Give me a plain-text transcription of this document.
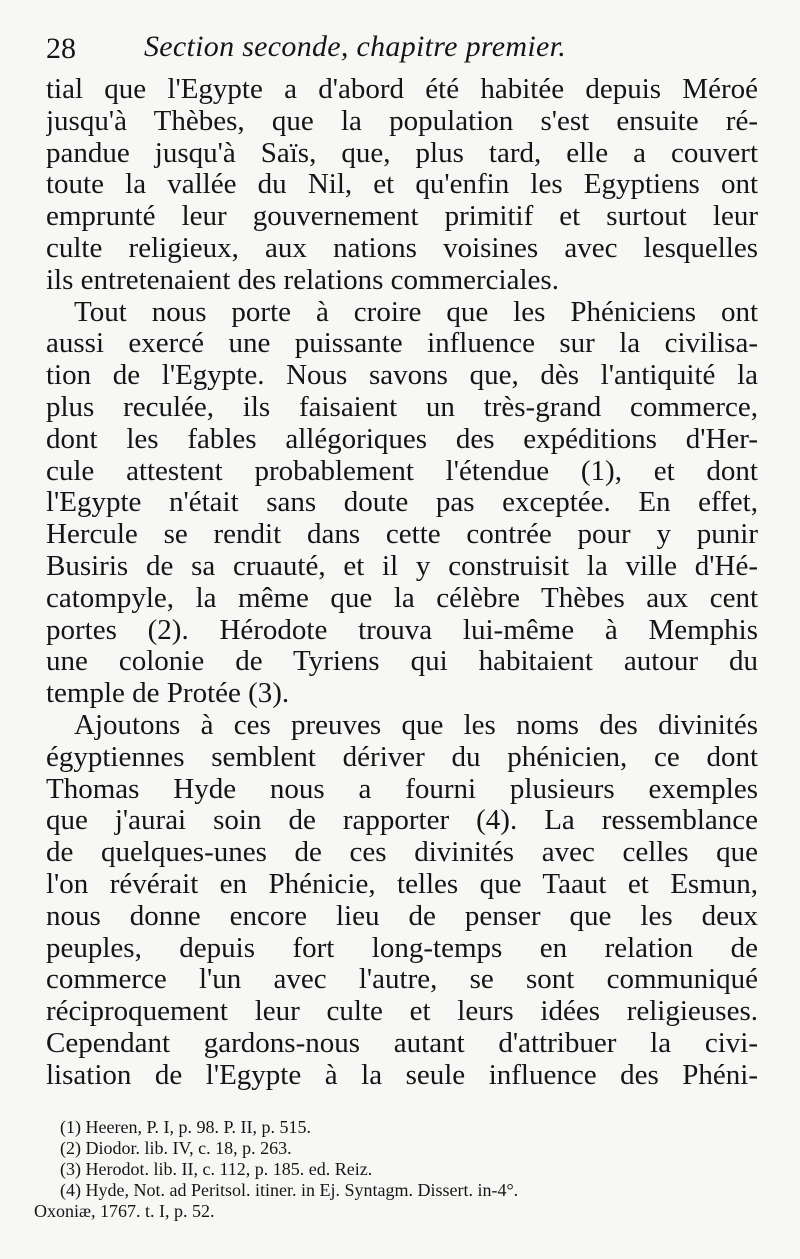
28 Section seconde, chapitre premier.
tial que l'Egypte a d'abord été habitée depuis Méroé
jusqu'à Thèbes, que la population s'est ensuite ré-
pandue jusqu'à Saïs, que, plus tard, elle a couvert
toute la vallée du Nil, et qu'enfin les Egyptiens ont
emprunté leur gouvernement primitif et surtout leur
culte religieux, aux nations voisines avec lesquelles
ils entretenaient des relations commerciales.
Tout nous porte à croire que les Phéniciens ont
aussi exercé une puissante influence sur la civilisa-
tion de l'Egypte. Nous savons que, dès l'antiquité la
plus reculée, ils faisaient un très-grand commerce,
dont les fables allégoriques des expéditions d'Her-
cule attestent probablement l'étendue (1), et dont
l'Egypte n'était sans doute pas exceptée. En effet,
Hercule se rendit dans cette contrée pour y punir
Busiris de sa cruauté, et il y construisit la ville d'Hé-
catompyle, la même que la célèbre Thèbes aux cent
portes (2). Hérodote trouva lui-même à Memphis
une colonie de Tyriens qui habitaient autour du
temple de Protée (3).
Ajoutons à ces preuves que les noms des divinités
égyptiennes semblent dériver du phénicien, ce dont
Thomas Hyde nous a fourni plusieurs exemples
que j'aurai soin de rapporter (4). La ressemblance
de quelques-unes de ces divinités avec celles que
l'on révérait en Phénicie, telles que Taaut et Esmun,
nous donne encore lieu de penser que les deux
peuples, depuis fort long-temps en relation de
commerce l'un avec l'autre, se sont communiqué
réciproquement leur culte et leurs idées religieuses.
Cependant gardons-nous autant d'attribuer la civi-
lisation de l'Egypte à la seule influence des Phéni-
(1) Heeren, P. I, p. 98. P. II, p. 515.
(2) Diodor. lib. IV, c. 18, p. 263.
(3) Herodot. lib. II, c. 112, p. 185. ed. Reiz.
(4) Hyde, Not. ad Peritsol. itiner. in Ej. Syntagm. Dissert. in-4°.
Oxoniæ, 1767. t. I, p. 52.
